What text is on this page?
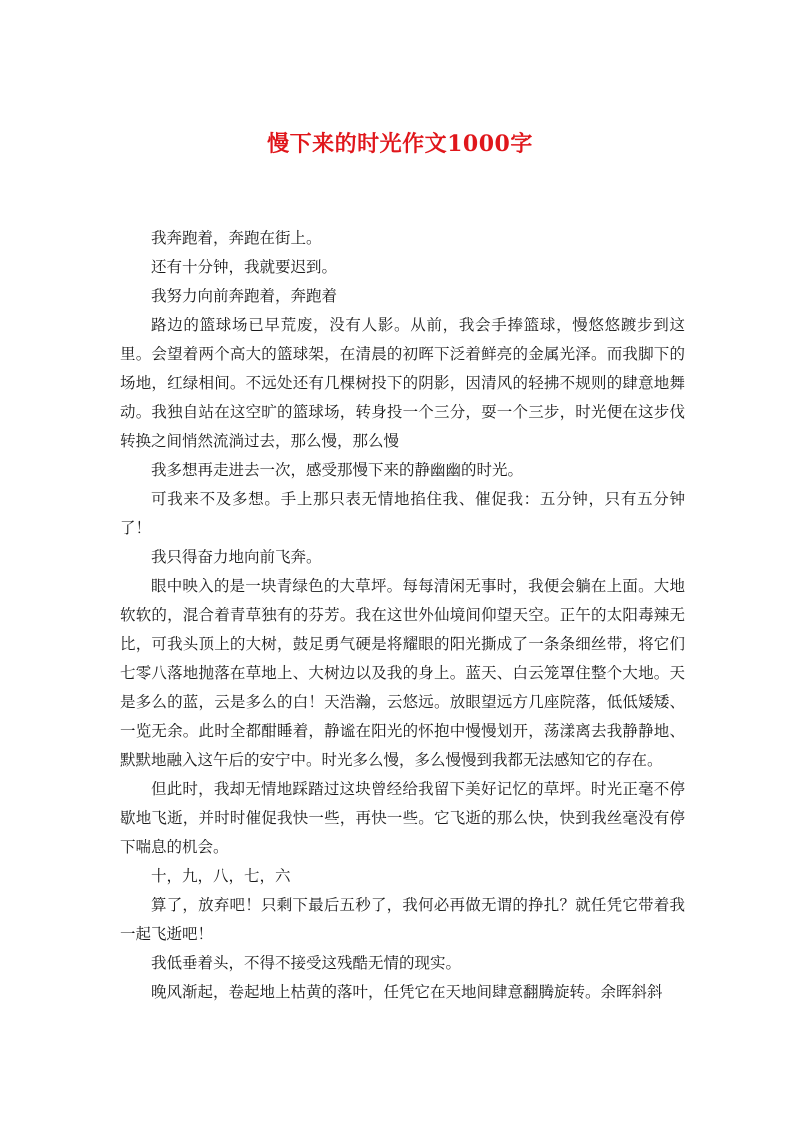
慢下来的时光作文1000字

我奔跑着，奔跑在街上。

还有十分钟，我就要迟到。

我努力向前奔跑着，奔跑着

路边的篮球场已早荒废，没有人影。从前，我会手捧篮球，慢悠悠踱步到这里。会望着两个高大的篮球架，在清晨的初晖下泛着鲜亮的金属光泽。而我脚下的场地，红绿相间。不远处还有几棵树投下的阴影，因清风的轻拂不规则的肆意地舞动。我独自站在这空旷的篮球场，转身投一个三分，耍一个三步，时光便在这步伐转换之间悄然流淌过去，那么慢，那么慢

我多想再走进去一次，感受那慢下来的静幽幽的时光。

可我来不及多想。手上那只表无情地掐住我、催促我：五分钟，只有五分钟了！

我只得奋力地向前飞奔。

眼中映入的是一块青绿色的大草坪。每每清闲无事时，我便会躺在上面。大地软软的，混合着青草独有的芬芳。我在这世外仙境间仰望天空。正午的太阳毒辣无比，可我头顶上的大树，鼓足勇气硬是将耀眼的阳光撕成了一条条细丝带，将它们七零八落地抛落在草地上、大树边以及我的身上。蓝天、白云笼罩住整个大地。天是多么的蓝，云是多么的白！天浩瀚，云悠远。放眼望远方几座院落，低低矮矮、一览无余。此时全都酣睡着，静谧在阳光的怀抱中慢慢划开，荡漾离去我静静地、默默地融入这午后的安宁中。时光多么慢，多么慢慢到我都无法感知它的存在。

但此时，我却无情地踩踏过这块曾经给我留下美好记忆的草坪。时光正毫不停歇地飞逝，并时时催促我快一些，再快一些。它飞逝的那么快，快到我丝毫没有停下喘息的机会。

十，九，八，七，六

算了，放弃吧！只剩下最后五秒了，我何必再做无谓的挣扎？就任凭它带着我一起飞逝吧！

我低垂着头，不得不接受这残酷无情的现实。

晚风渐起，卷起地上枯黄的落叶，任凭它在天地间肆意翻腾旋转。余晖斜斜
